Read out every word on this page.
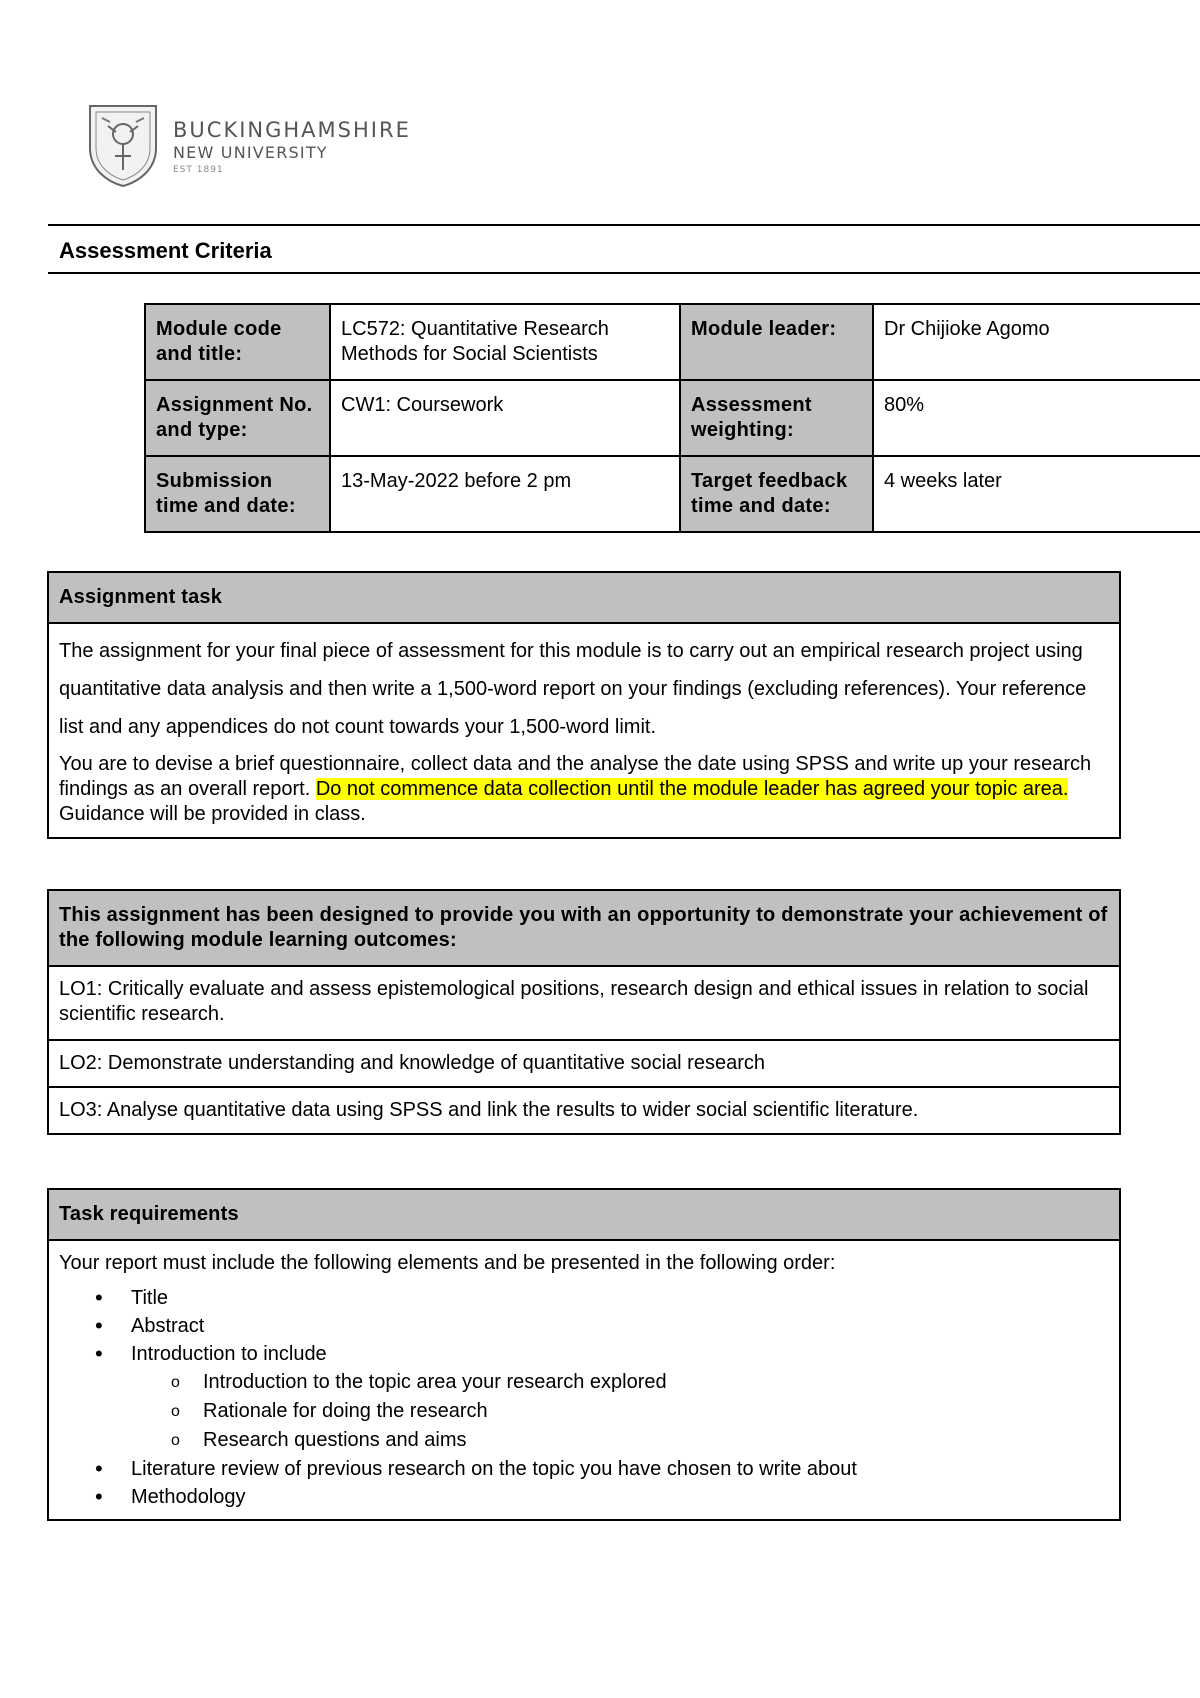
BUCKINGHAMSHIRE
NEW UNIVERSITY
EST 1891
Assessment Criteria
Module code and title:	LC572: Quantitative Research Methods for Social Scientists	Module leader:	Dr Chijioke Agomo
Assignment No. and type:	CW1: Coursework	Assessment weighting:	80%
Submission time and date:	13-May-2022 before 2 pm	Target feedback time and date:	4 weeks later
Assignment task

The assignment for your final piece of assessment for this module is to carry out an empirical research project using quantitative data analysis and then write a 1,500-word report on your findings (excluding references). Your reference list and any appendices do not count towards your 1,500-word limit.

You are to devise a brief questionnaire, collect data and the analyse the date using SPSS and write up your research findings as an overall report. Do not commence data collection until the module leader has agreed your topic area. Guidance will be provided in class.

This assignment has been designed to provide you with an opportunity to demonstrate your achievement of the following module learning outcomes:
LO1: Critically evaluate and assess epistemological positions, research design and ethical issues in relation to social scientific research.
LO2: Demonstrate understanding and knowledge of quantitative social research
LO3: Analyse quantitative data using SPSS and link the results to wider social scientific literature.
Task requirements

Your report must include the following elements and be presented in the following order:

• Title
• Abstract
• Introduction to include
o Introduction to the topic area your research explored
o Rationale for doing the research
o Research questions and aims
• Literature review of previous research on the topic you have chosen to write about
• Methodology
